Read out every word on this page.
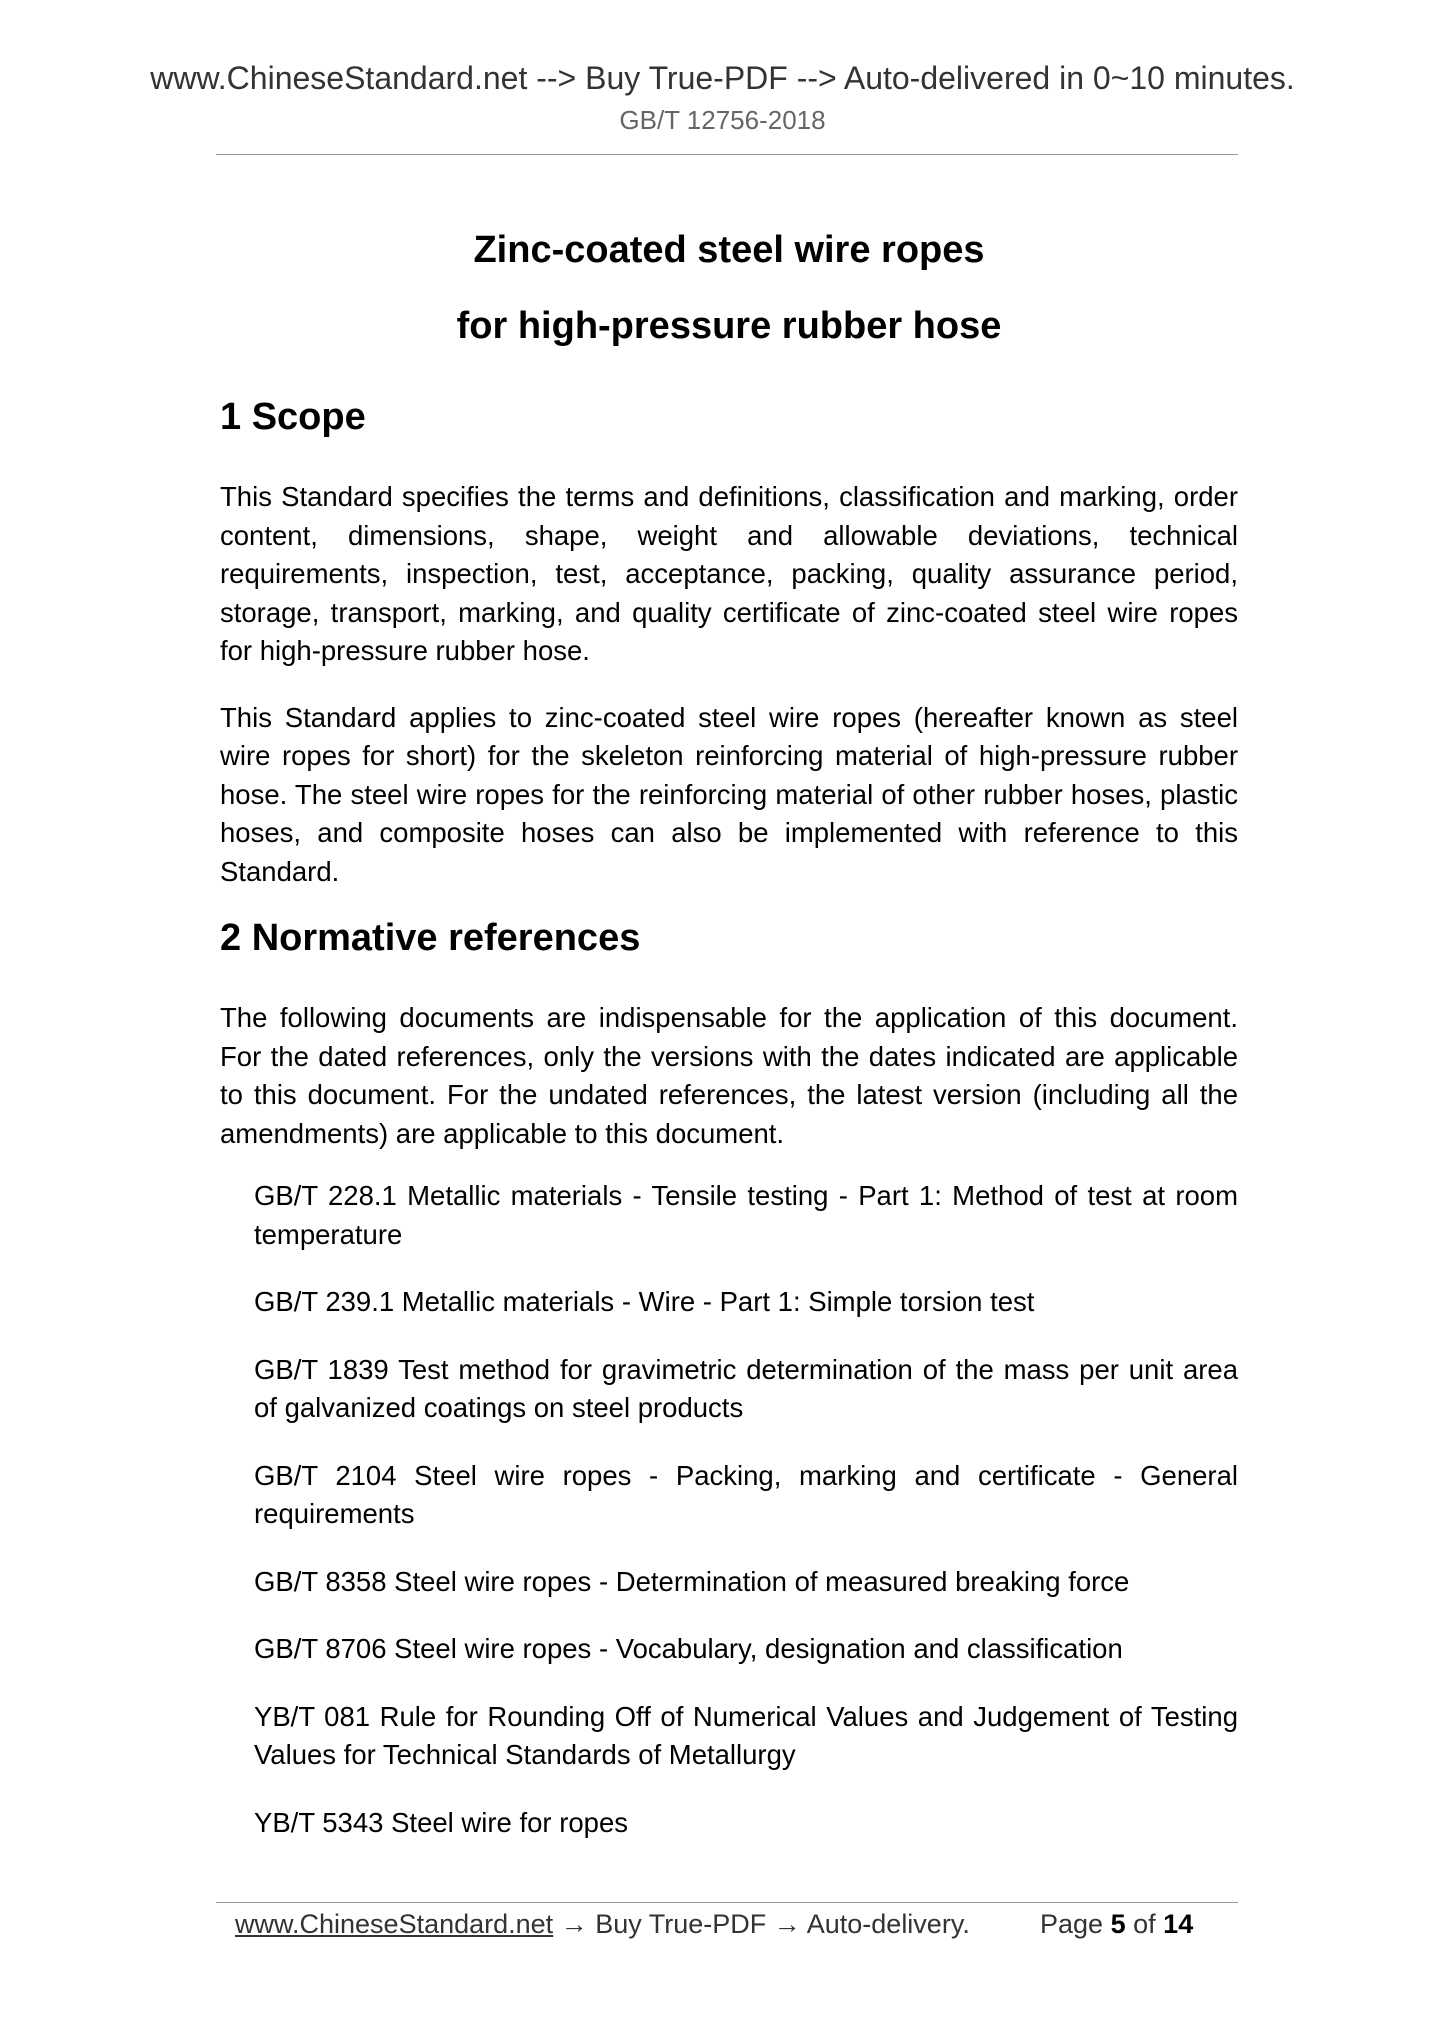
www.ChineseStandard.net --> Buy True-PDF --> Auto-delivered in 0~10 minutes.
GB/T 12756-2018
Zinc-coated steel wire ropes
for high-pressure rubber hose
1 Scope

This Standard specifies the terms and definitions, classification and marking, order content, dimensions, shape, weight and allowable deviations, technical requirements, inspection, test, acceptance, packing, quality assurance period, storage, transport, marking, and quality certificate of zinc-coated steel wire ropes for high-pressure rubber hose.

This Standard applies to zinc-coated steel wire ropes (hereafter known as steel wire ropes for short) for the skeleton reinforcing material of high-pressure rubber hose. The steel wire ropes for the reinforcing material of other rubber hoses, plastic hoses, and composite hoses can also be implemented with reference to this Standard.

2 Normative references

The following documents are indispensable for the application of this document. For the dated references, only the versions with the dates indicated are applicable to this document. For the undated references, the latest version (including all the amendments) are applicable to this document.

GB/T 228.1 Metallic materials - Tensile testing - Part 1: Method of test at room temperature
GB/T 239.1 Metallic materials - Wire - Part 1: Simple torsion test
GB/T 1839 Test method for gravimetric determination of the mass per unit area of galvanized coatings on steel products
GB/T 2104 Steel wire ropes - Packing, marking and certificate - General requirements
GB/T 8358 Steel wire ropes - Determination of measured breaking force
GB/T 8706 Steel wire ropes - Vocabulary, designation and classification
YB/T 081 Rule for Rounding Off of Numerical Values and Judgement of Testing Values for Technical Standards of Metallurgy
YB/T 5343 Steel wire for ropes
www.ChineseStandard.net → Buy True-PDF → Auto-delivery.	Page 5 of 14
